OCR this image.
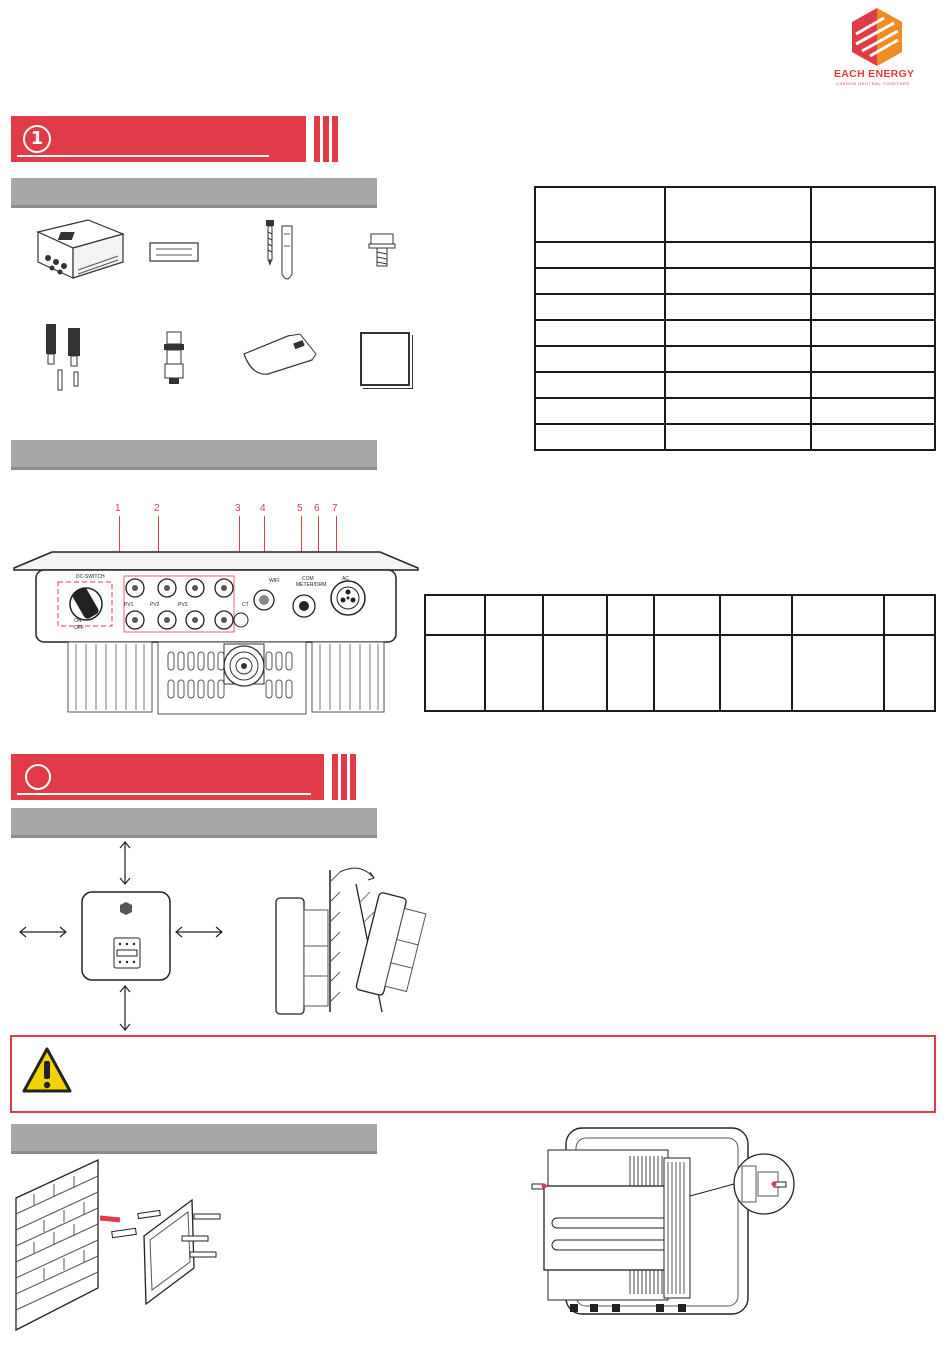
EACH ENERGY
CARBON NEUTRAL TOGETHER
1

1	2	3 4	5 6 7
DC-SWITCH
ON
OFF
PV1	PV2	PV3	CT
WIFI	COM
METER/DRM
AC
